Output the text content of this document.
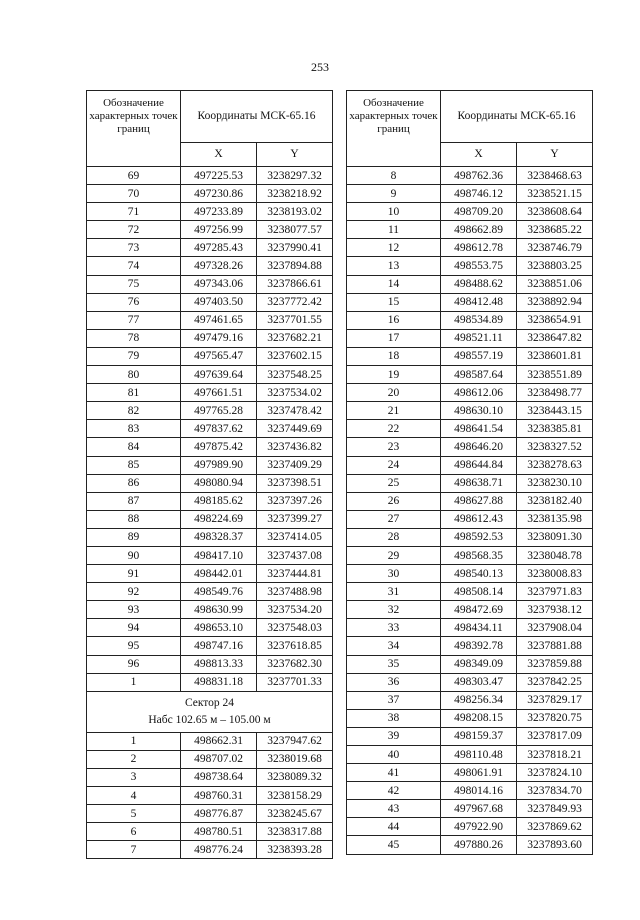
253
Обозначение характерных точек границ	Координаты МСК-65.16	
	X	Y
69	497225.53	3238297.32
70	497230.86	3238218.92
71	497233.89	3238193.02
72	497256.99	3238077.57
73	497285.43	3237990.41
74	497328.26	3237894.88
75	497343.06	3237866.61
76	497403.50	3237772.42
77	497461.65	3237701.55
78	497479.16	3237682.21
79	497565.47	3237602.15
80	497639.64	3237548.25
81	497661.51	3237534.02
82	497765.28	3237478.42
83	497837.62	3237449.69
84	497875.42	3237436.82
85	497989.90	3237409.29
86	498080.94	3237398.51
87	498185.62	3237397.26
88	498224.69	3237399.27
89	498328.37	3237414.05
90	498417.10	3237437.08
91	498442.01	3237444.81
92	498549.76	3237488.98
93	498630.99	3237534.20
94	498653.10	3237548.03
95	498747.16	3237618.85
96	498813.33	3237682.30
1	498831.18	3237701.33

Сектор 24
Набс 102.65 м – 105.00 м		

1	498662.31	3237947.62
2	498707.02	3238019.68
3	498738.64	3238089.32
4	498760.31	3238158.29
5	498776.87	3238245.67
6	498780.51	3238317.88
7	498776.24	3238393.28
Обозначение характерных точек границ	Координаты МСК-65.16	
	X	Y
8	498762.36	3238468.63
9	498746.12	3238521.15
10	498709.20	3238608.64
11	498662.89	3238685.22
12	498612.78	3238746.79
13	498553.75	3238803.25
14	498488.62	3238851.06
15	498412.48	3238892.94
16	498534.89	3238654.91
17	498521.11	3238647.82
18	498557.19	3238601.81
19	498587.64	3238551.89
20	498612.06	3238498.77
21	498630.10	3238443.15
22	498641.54	3238385.81
23	498646.20	3238327.52
24	498644.84	3238278.63
25	498638.71	3238230.10
26	498627.88	3238182.40
27	498612.43	3238135.98
28	498592.53	3238091.30
29	498568.35	3238048.78
30	498540.13	3238008.83
31	498508.14	3237971.83
32	498472.69	3237938.12
33	498434.11	3237908.04
34	498392.78	3237881.88
35	498349.09	3237859.88
36	498303.47	3237842.25
37	498256.34	3237829.17
38	498208.15	3237820.75
39	498159.37	3237817.09
40	498110.48	3237818.21
41	498061.91	3237824.10
42	498014.16	3237834.70
43	497967.68	3237849.93
44	497922.90	3237869.62
45	497880.26	3237893.60
